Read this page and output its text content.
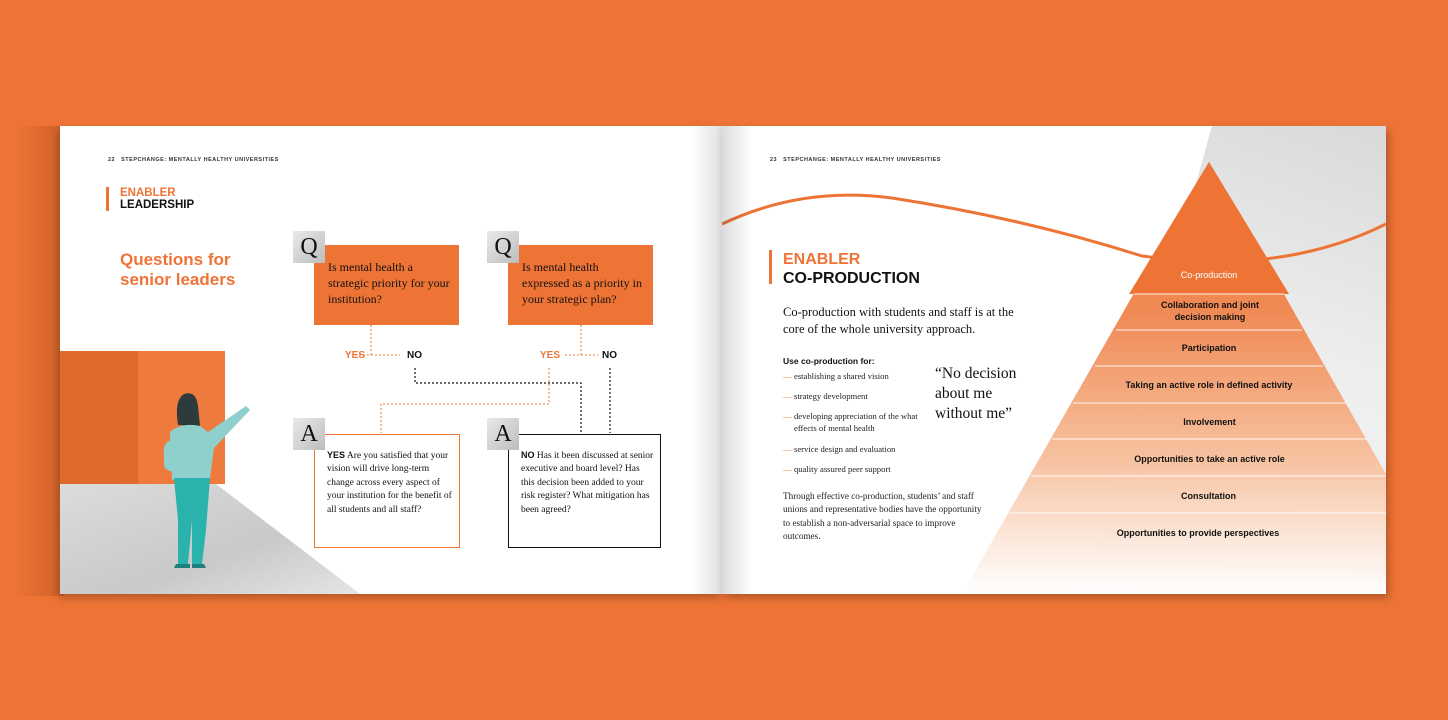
22 STEPCHANGE: MENTALLY HEALTHY UNIVERSITIES
ENABLER
LEADERSHIP
Questions for senior leaders

Is mental health a strategic priority for your institution?

Q
YES	NO

Is mental health expressed as a priority in your strategic plan?

Q
YES	NO

YES Are you satisfied that your vision will drive long-term change across every aspect of your institution for the benefit of all students and all staff?

A

NO Has it been discussed at senior executive and board level? Has this decision been added to your risk register? What mitigation has been agreed?

A
23 STEPCHANGE: MENTALLY HEALTHY UNIVERSITIES
ENABLER
CO-PRODUCTION
Co-production with students and staff is at the core of the whole university approach.
Use co-production for:
— establishing a shared vision
— strategy development
— developing appreciation of the what effects of mental health
— service design and evaluation
— quality assured peer support
“No decision about me without me”
Through effective co-production, students’ and staff unions and representative bodies have the opportunity to establish a non-adversarial space to improve outcomes.
Co-production
Collaboration and joint decision making
Participation
Taking an active role in defined activity
Involvement
Opportunities to take an active role
Consultation
Opportunities to provide perspectives
